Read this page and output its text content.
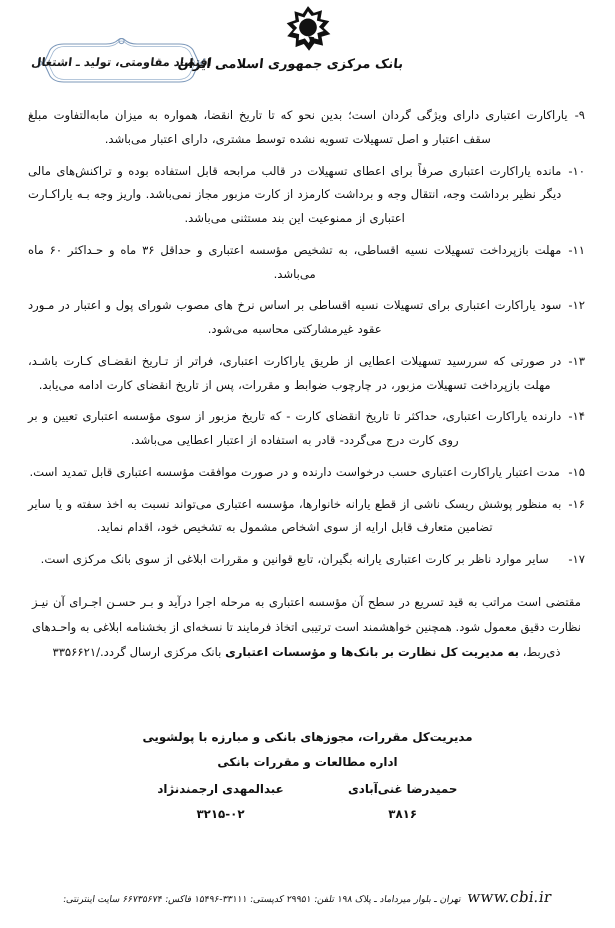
اقتصاد مقاومتی، تولید ـ اشتغال
بانک مرکزی جمهوری اسلامی ایران
۹-
یاراکارت اعتباری دارای ویژگی گردان است؛ بدین نحو که تا تاریخ انقضا، همواره به میزان مابه‌التفاوت مبلغ سقف اعتبار و اصل تسهیلات تسویه نشده توسط مشتری، دارای اعتبار می‌باشد.
۱۰-
مانده یاراکارت اعتباری صرفاً برای اعطای تسهیلات در قالب مرابحه قابل استفاده بوده و تراکنش‌های مالی دیگر نظیر برداشت وجه، انتقال وجه و برداشت کارمزد از کارت مزبور مجاز نمی‌باشد. واریز وجه بـه یاراکـارت اعتباری از ممنوعیت این بند مستثنی می‌باشد.
۱۱-
مهلت بازپرداخت تسهیلات نسیه اقساطی، به تشخیص مؤسسه اعتباری و حداقل ۳۶ ماه و حـداکثر ۶۰ ماه می‌باشد.
۱۲-
سود یاراکارت اعتباری برای تسهیلات نسیه اقساطی بر اساس نرخ های مصوب شورای پول و اعتبار در مـورد عقود غیرمشارکتی محاسبه می‌شود.
۱۳-
در صورتی که سررسید تسهیلات اعطایی از طریق یاراکارت اعتباری، فراتر از تـاریخ انقضـای کـارت باشـد، مهلت بازپرداخت تسهیلات مزبور، در چارچوب ضوابط و مقررات، پس از تاریخ انقضای کارت ادامه می‌یابد.
۱۴-
دارنده یاراکارت اعتباری، حداکثر تا تاریخ انقضای کارت - که تاریخ مزبور از سوی مؤسسه اعتباری تعیین و بر روی کارت درج می‌گردد- قادر به استفاده از اعتبار اعطایی می‌باشد.
۱۵-
مدت اعتبار یاراکارت اعتباری حسب درخواست دارنده و در صورت موافقت مؤسسه اعتباری قابل تمدید است.
۱۶-
به منظور پوشش ریسک ناشی از قطع یارانه خانوارها، مؤسسه اعتباری می‌تواند نسبت به اخذ سفته و یا سایر تضامین متعارف قابل ارایه از سوی اشخاص مشمول به تشخیص خود، اقدام نماید.
۱۷-
سایر موارد ناظر بر کارت اعتباری یارانه بگیران، تابع قوانین و مقررات ابلاغی از سوی بانک مرکزی است.
مقتضی است مراتب به قید تسریع در سطح آن مؤسسه اعتباری به مرحله اجرا درآید و بـر حسـن اجـرای آن نیـز نظارت دقیق معمول شود. همچنین خواهشمند است ترتیبی اتخاذ فرمایند تا نسخه‌ای از بخشنامه ابلاغی به واحـدهای ذی‌ربط، به مدیریت کل نظارت بر بانک‌ها و مؤسسات اعتباری بانک مرکزی ارسال گردد./۳۳۵۶۶۲۱
مدیریت‌کل مقررات، مجوزهای بانکی و مبارزه با پولشویی
اداره مطالعات و مقررات بانکی
حمیدرضا غنی‌آبادی
۳۸۱۶
عبدالمهدی ارجمندنژاد
۳۲۱۵-۰۲
www.cbi.ir
تهران ـ بلوار میرداماد ـ پلاک ۱۹۸ تلفن: ۲۹۹۵۱ کدپستی: ۳۳۱۱۱-۱۵۴۹۶ فاکس: ۶۶۷۳۵۶۷۴ سایت اینترنتی:
